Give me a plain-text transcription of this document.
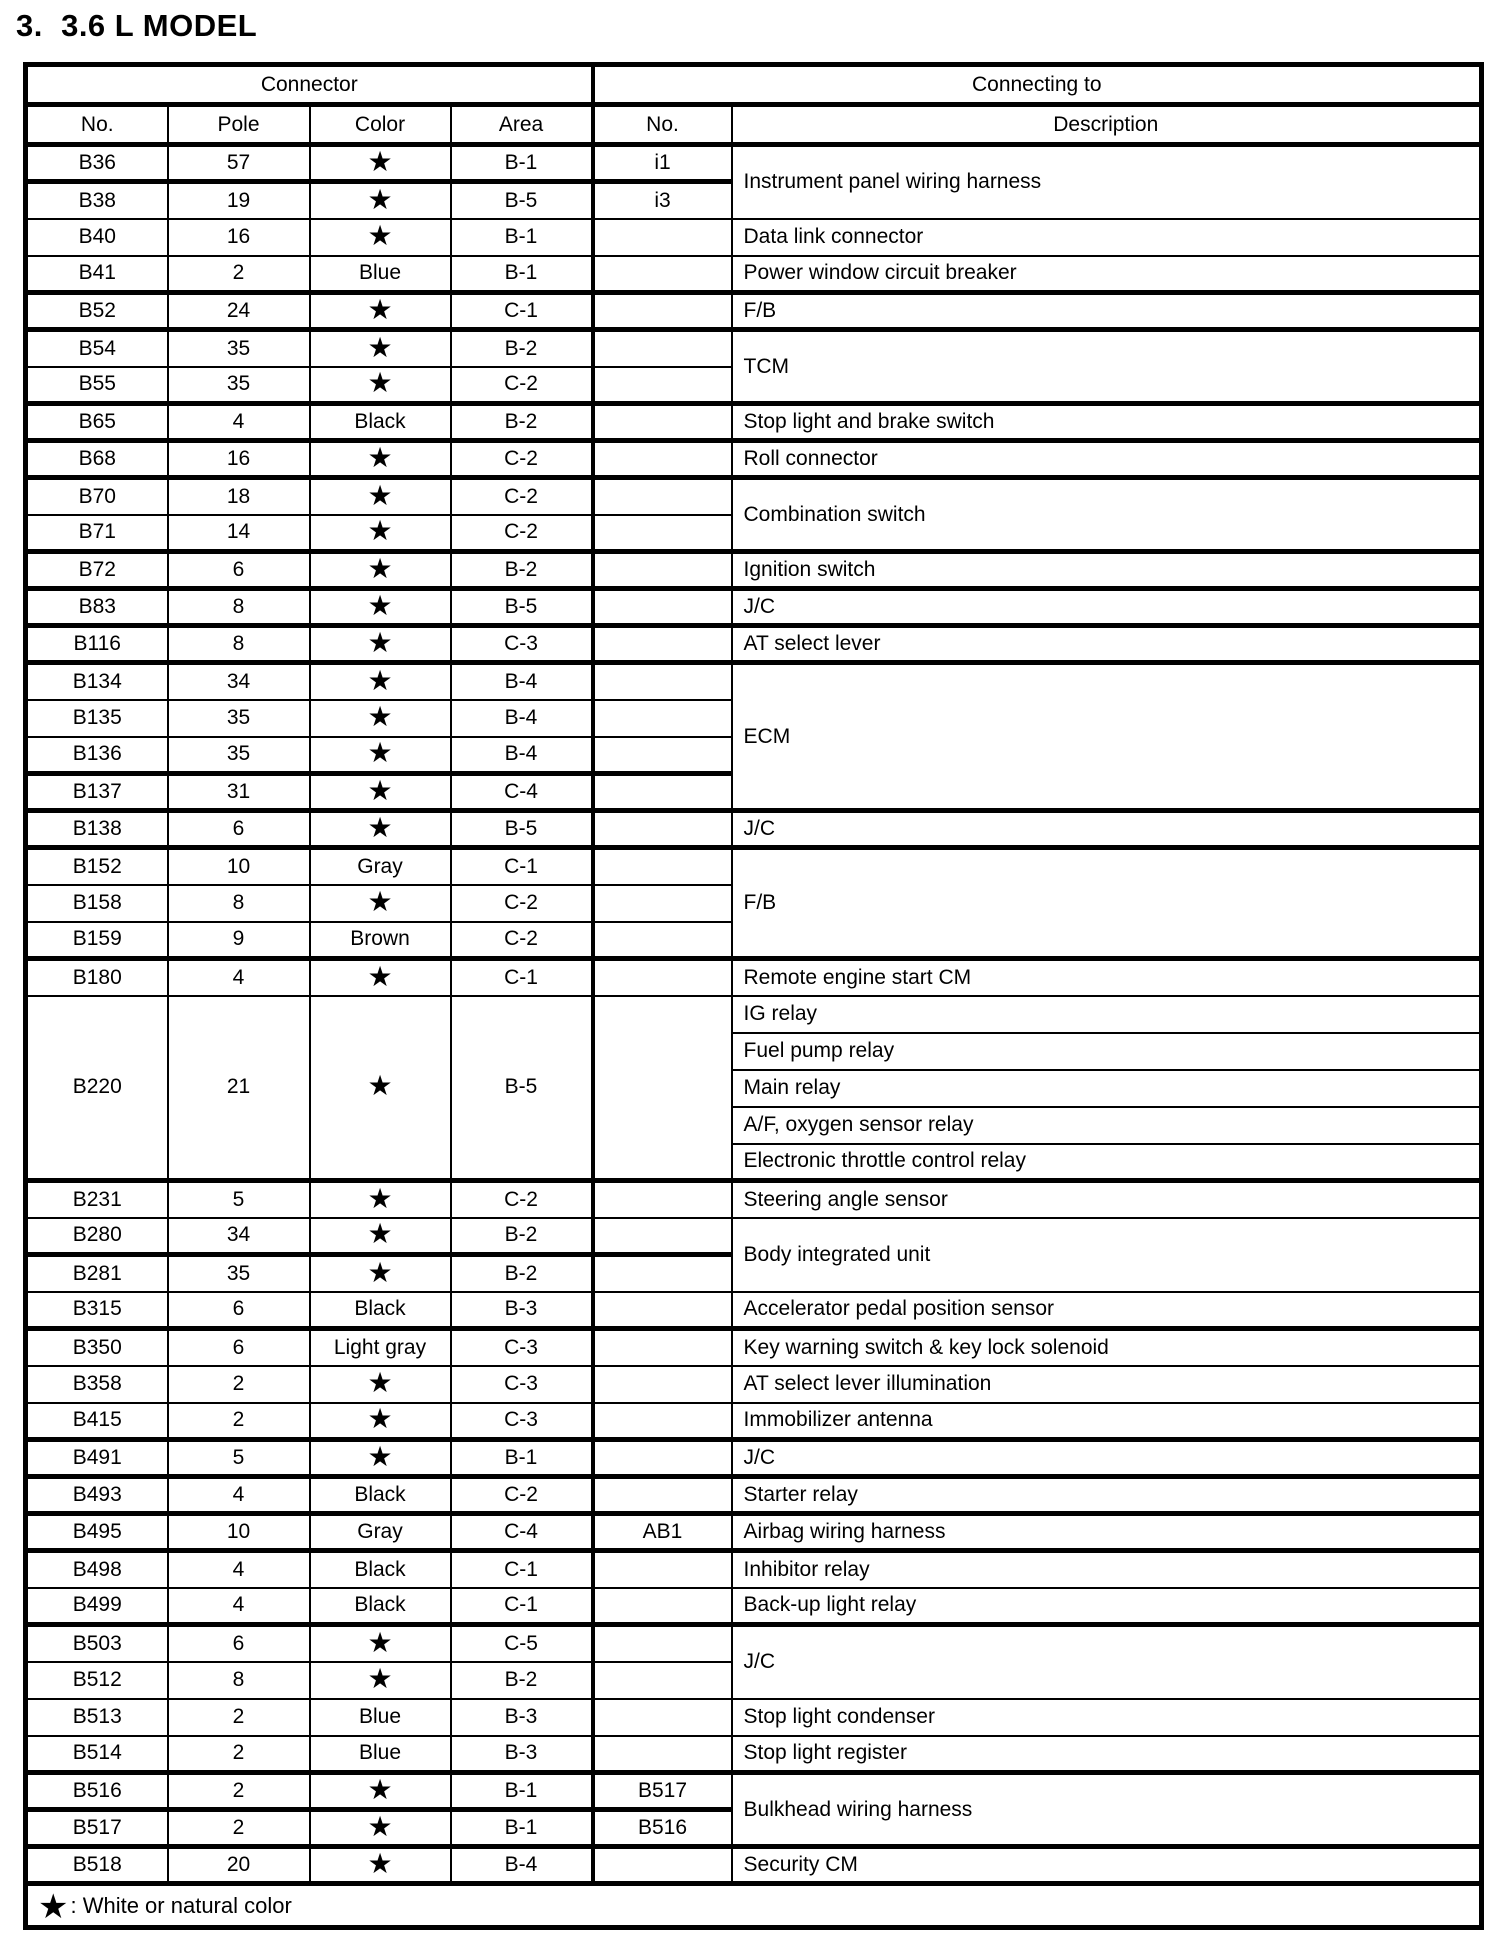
3.  3.6 L MODEL
Connector				Connecting to	
No.	Pole	Color	Area	No.	Description
B36	57	★	B-1	i1	Instrument panel wiring harness
B38	19	★	B-5	i3	
B40	16	★	B-1		Data link connector
B41	2	Blue	B-1		Power window circuit breaker
B52	24	★	C-1		F/B
B54	35	★	B-2		TCM
B55	35	★	C-2		
B65	4	Black	B-2		Stop light and brake switch
B68	16	★	C-2		Roll connector
B70	18	★	C-2		Combination switch
B71	14	★	C-2		
B72	6	★	B-2		Ignition switch
B83	8	★	B-5		J/C
B116	8	★	C-3		AT select lever
B134	34	★	B-4		ECM
B135	35	★	B-4		
B136	35	★	B-4		
B137	31	★	C-4		
B138	6	★	B-5		J/C
B152	10	Gray	C-1		F/B
B158	8	★	C-2		
B159	9	Brown	C-2		
B180	4	★	C-1		Remote engine start CM
B220	21	★	B-5		IG relay
					Fuel pump relay
					Main relay
					A/F, oxygen sensor relay
					Electronic throttle control relay
B231	5	★	C-2		Steering angle sensor
B280	34	★	B-2		Body integrated unit
B281	35	★	B-2		
B315	6	Black	B-3		Accelerator pedal position sensor
B350	6	Light gray	C-3		Key warning switch & key lock solenoid
B358	2	★	C-3		AT select lever illumination
B415	2	★	C-3		Immobilizer antenna
B491	5	★	B-1		J/C
B493	4	Black	C-2		Starter relay
B495	10	Gray	C-4	AB1	Airbag wiring harness
B498	4	Black	C-1		Inhibitor relay
B499	4	Black	C-1		Back-up light relay
B503	6	★	C-5		J/C
B512	8	★	B-2		
B513	2	Blue	B-3		Stop light condenser
B514	2	Blue	B-3		Stop light register
B516	2	★	B-1	B517	Bulkhead wiring harness
B517	2	★	B-1	B516	
B518	20	★	B-4		Security CM
★: White or natural color					
